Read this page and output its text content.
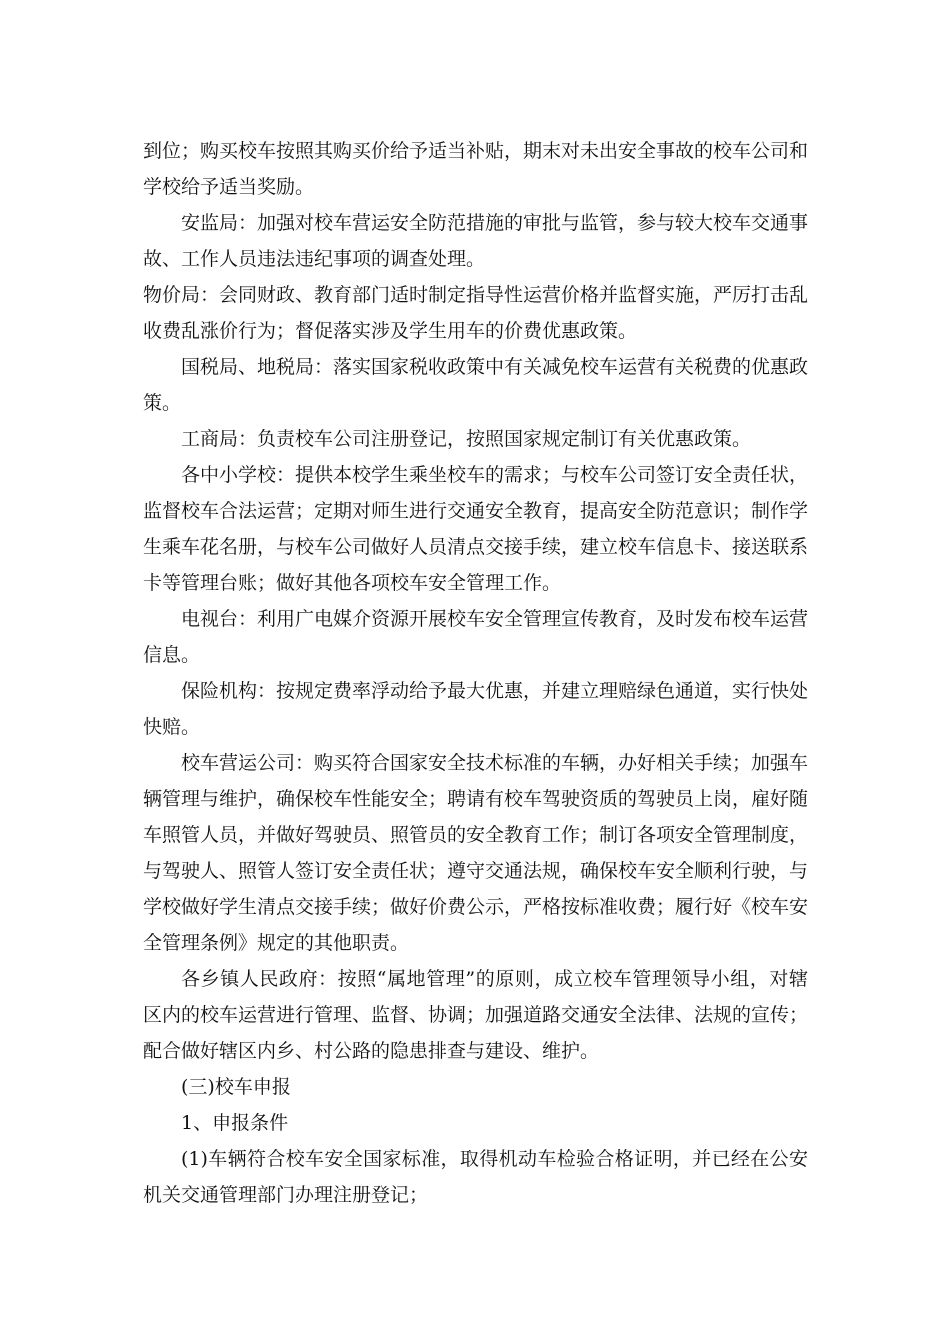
到位；购买校车按照其购买价给予适当补贴，期末对未出安全事故的校车公司和学校给予适当奖励。

安监局：加强对校车营运安全防范措施的审批与监管，参与较大校车交通事故、工作人员违法违纪事项的调查处理。

物价局：会同财政、教育部门适时制定指导性运营价格并监督实施，严厉打击乱收费乱涨价行为；督促落实涉及学生用车的价费优惠政策。

国税局、地税局：落实国家税收政策中有关减免校车运营有关税费的优惠政策。

工商局：负责校车公司注册登记，按照国家规定制订有关优惠政策。

各中小学校：提供本校学生乘坐校车的需求；与校车公司签订安全责任状，监督校车合法运营；定期对师生进行交通安全教育，提高安全防范意识；制作学生乘车花名册，与校车公司做好人员清点交接手续，建立校车信息卡、接送联系卡等管理台账；做好其他各项校车安全管理工作。

电视台：利用广电媒介资源开展校车安全管理宣传教育，及时发布校车运营信息。

保险机构：按规定费率浮动给予最大优惠，并建立理赔绿色通道，实行快处快赔。

校车营运公司：购买符合国家安全技术标准的车辆，办好相关手续；加强车辆管理与维护，确保校车性能安全；聘请有校车驾驶资质的驾驶员上岗，雇好随车照管人员，并做好驾驶员、照管员的安全教育工作；制订各项安全管理制度，与驾驶人、照管人签订安全责任状；遵守交通法规，确保校车安全顺利行驶，与学校做好学生清点交接手续；做好价费公示，严格按标准收费；履行好《校车安全管理条例》规定的其他职责。

各乡镇人民政府：按照“属地管理”的原则，成立校车管理领导小组，对辖区内的校车运营进行管理、监督、协调；加强道路交通安全法律、法规的宣传；配合做好辖区内乡、村公路的隐患排查与建设、维护。

(三)校车申报

1、申报条件

(1)车辆符合校车安全国家标准，取得机动车检验合格证明，并已经在公安机关交通管理部门办理注册登记；
